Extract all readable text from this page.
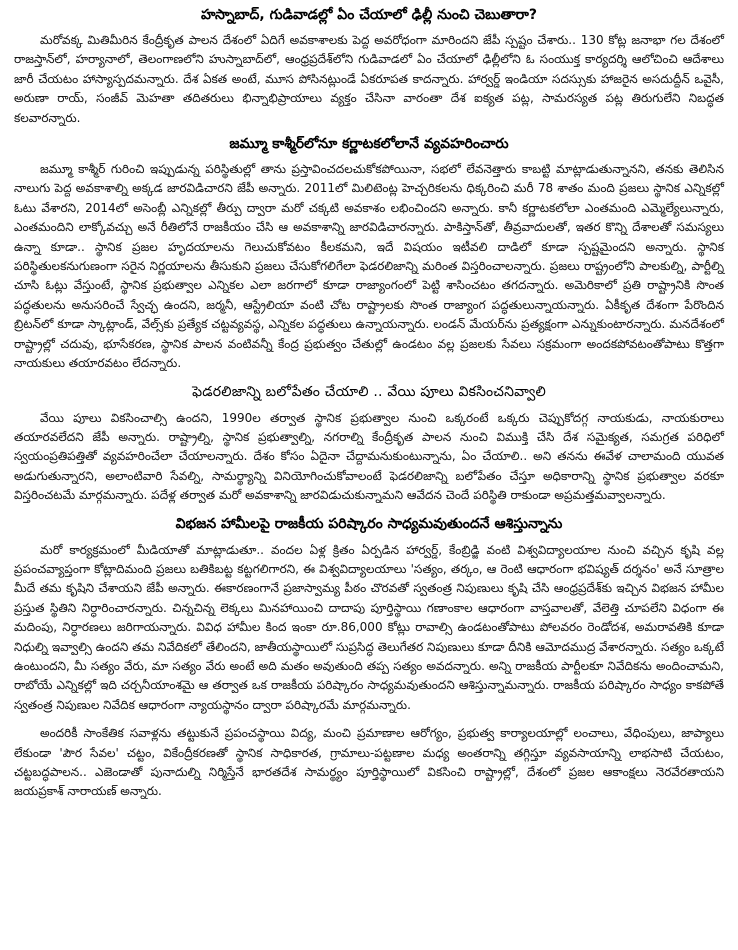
హస్నాబాద్, గుడివాడల్లో ఏం చేయాలో ఢిల్లీ నుంచి చెబుతారా?

మరోవక్క మితిమీరిన కేంద్రీకృత పాలన దేశంలో ఏదిగే అవకాశాలకు పెద్ద అవరోధంగా మారిందని జేపీ స్పష్టం చేశారు.. 130 కోట్ల జనాభా గల దేశంలో రాజస్తాన్‌లో, హర్యానాలో, తెలంగాణలోని హుస్నాబాద్‌లో, ఆంధ్రప్రదేశ్‌లోని గుడివాడలో ఏం చేయాలో ఢిల్లీలోని ఓ సంయుక్త కార్యదర్శి ఆలోచించి ఆదేశాలు జారీ చేయటం హాస్యాస్పదమన్నారు. దేశ ఏకత అంటే, మూస పోసినట్లుండే ఏకరూపత కాదన్నారు. హార్వర్డ్ ఇండియా సదస్సుకు హాజరైన అసదుద్దీన్ ఒవైసీ, అరుణా రాయ్, సంజీవ్ మెహతా తదితరులు భిన్నాభిప్రాయాలు వ్యక్తం చేసినా వారంతా దేశ ఐక్యత పట్ల, సామరస్యత పట్ల తిరుగులేని నిబద్ధత కలవారన్నారు.

జమ్మూ కాశ్మీర్‌లోనూ కర్ణాటకలోలానే వ్యవహరించారు

జమ్మూ కాశ్మీర్ గురించి ఇప్పుడున్న పరిస్థితుల్లో తాను ప్రస్తావించదలచుకోకపోయినా, సభలో లేవనెత్తారు కాబట్టి మాట్లాడుతున్నానని, తనకు తెలిసిన నాలుగు పెద్ద అవకాశాల్ని అక్కడ జారవిడిచారని జేపీ అన్నారు. 2011లో మిలిటెంట్ల హెచ్చరికలను ధిక్కరించి మరీ 78 శాతం మంది ప్రజలు స్థానిక ఎన్నికల్లో ఓటు వేశారని, 2014లో అసెంబ్లీ ఎన్నికల్లో తీర్పు ద్వారా మరో చక్కటి అవకాశం లభించిందని అన్నారు. కానీ కర్ణాటకలోలా ఎంతమంది ఎమ్మెల్యేలున్నారు, ఎంతమందిని లాక్కోవచ్చు అనే రీతిలోనే రాజకీయం చేసి ఆ అవకాశాన్ని జారవిడిచారన్నారు. పాకిస్తాన్‌తో, తీవ్రవాదులతో, ఇతర కొన్ని దేశాలతో సమస్యలు ఉన్నా కూడా.. స్థానిక ప్రజల హృదయాలను గెలుచుకోవటం కీలకమని, ఇదే విషయం ఇటీవలి దాడిలో కూడా స్పష్టమైందని అన్నారు. స్థానిక పరిస్థితులకనుగుణంగా సరైన నిర్ణయాలను తీసుకుని ప్రజలు చేసుకోగలిగేలా ఫెడరలిజాన్ని మరింత విస్తరించాలన్నారు. ప్రజలు రాష్ట్రంలోని పాలకుల్ని, పార్టీల్ని చూసి ఓట్లు వేస్తుంటే, స్థానిక ప్రభుత్వాల ఎన్నికల ఎలా జరగాలో కూడా రాజ్యాంగంలో పెట్టి శాసించటం తగదన్నారు. అమెరికాలో ప్రతి రాష్ట్రానికి సొంత పద్ధతులను అనుసరించే స్వేచ్ఛ ఉందని, జర్మనీ, ఆస్ట్రేలియా వంటి చోట రాష్ట్రాలకు సొంత రాజ్యాంగ పద్ధతులున్నాయన్నారు. ఏకీకృత దేశంగా పేరొందిన బ్రిటన్‌లో కూడా స్కాట్లాండ్, వేల్స్‌కు ప్రత్యేక చట్టవ్యవస్థ, ఎన్నికల పద్ధతులు ఉన్నాయన్నారు. లండన్ మేయర్‌ను ప్రత్యక్షంగా ఎన్నుకుంటారన్నారు. మనదేశంలో రాష్ట్రాల్లో చదువు, భూసేకరణ, స్థానిక పాలన వంటివన్నీ కేంద్ర ప్రభుత్వం చేతుల్లో ఉండటం వల్ల ప్రజలకు సేవలు సక్రమంగా అందకపోవటంతోపాటు కొత్తగా నాయకులు తయారవటం లేదన్నారు.

ఫెడరలిజాన్ని బలోపేతం చేయాలి .. వేయి పూలు వికసించనివ్వాలి

వేయి పూలు వికసించాల్సి ఉందని, 1990ల తర్వాత స్థానిక ప్రభుత్వాల నుంచి ఒక్కరంటే ఒక్కరు చెప్పుకోదగ్గ నాయకుడు, నాయకురాలు తయారవలేదని జేపీ అన్నారు. రాష్ట్రాల్ని, స్థానిక ప్రభుత్వాల్ని, నగరాల్ని కేంద్రీకృత పాలన నుంచి విముక్తి చేసి దేశ సమైక్యత, సమగ్రత పరిధిలో స్వయంప్రతిపత్తితో వ్యవహరించేలా చేయాలన్నారు. దేశం కోసం ఏదైనా చేద్దామనుకుంటున్నాను, ఏం చేయాలి.. అని తనను ఈవేళ చాలామంది యువత అడుగుతున్నారని, అలాంటివారి సేవల్ని, సామర్థ్యాన్ని వినియోగించుకోవాలంటే ఫెడరలిజాన్ని బలోపేతం చేస్తూ అధికారాన్ని స్థానిక ప్రభుత్వాల వరకూ విస్తరించటమే మార్గమన్నారు. పదేళ్ల తర్వాత మరో అవకాశాన్ని జారవిడుచుకున్నామని ఆవేదన చెందే పరిస్థితి రాకుండా అప్రమత్తమవ్వాలన్నారు.

విభజన హామీలపై రాజకీయ పరిష్కారం సాధ్యమవుతుందనే ఆశిస్తున్నాను

మరో కార్యక్రమంలో మీడియాతో మాట్లాడుతూ.. వందల ఏళ్ల క్రితం ఏర్పడిన హార్వర్డ్, కేంబ్రిడ్జి వంటి విశ్వవిద్యాలయాల నుంచి వచ్చిన కృషి వల్ల ప్రపంచవ్యాప్తంగా కోట్లాదిమంది ప్రజలు బతికిబట్ట కట్టగలిగారని, ఈ విశ్వవిద్యాలయాలు 'సత్యం, తర్కం, ఆ రెంటి ఆధారంగా భవిష్యత్ దర్శనం' అనే సూత్రాల మీదే తమ కృషిని చేశాయని జేపీ అన్నారు. ఈకారణంగానే ప్రజాస్వామ్య పీఠం చొరవతో స్వతంత్ర నిపుణులు కృషి చేసి ఆంధ్రప్రదేశ్‌కు ఇచ్చిన విభజన హామీల ప్రస్తుత స్థితిని నిర్ధారించారన్నారు. చిన్నచిన్న లెక్కలు మినహాయించి దాదాపు పూర్తిస్థాయి గణాంకాల ఆధారంగా వాస్తవాలతో, వేలెత్తి చూపలేని విధంగా ఈ మదింపు, నిర్ధారణలు జరిగాయన్నారు. వివిధ హామీల కింద ఇంకా రూ.86,000 కోట్లు రావాల్సి ఉండటంతోపాటు పోలవరం రెండోదశ, అమరావతికి కూడా నిధుల్ని ఇవ్వాల్సి ఉందని తమ నివేదికలో తేలిందని, జాతీయస్థాయిలో సుప్రసిద్ధ తెలుగేతర నిపుణులు కూడా దీనికి ఆమోదముద్ర వేశారన్నారు. సత్యం ఒక్కటే ఉంటుందని, మీ సత్యం వేరు, మా సత్యం వేరు అంటే అది మతం అవుతుంది తప్ప సత్యం అవదన్నారు. అన్ని రాజకీయ పార్టీలకూ నివేదికను అందించామని, రాబోయే ఎన్నికల్లో ఇది చర్చనీయాంశమై ఆ తర్వాత ఒక రాజకీయ పరిష్కారం సాధ్యమవుతుందని ఆశిస్తున్నామన్నారు. రాజకీయ పరిష్కారం సాధ్యం కాకపోతే స్వతంత్ర నిపుణుల నివేదిక ఆధారంగా న్యాయస్థానం ద్వారా పరిష్కారమే మార్గమన్నారు.

అందరికీ సాంకేతిక సవాళ్లను తట్టుకునే ప్రపంచస్థాయి విద్య, మంచి ప్రమాణాల ఆరోగ్యం, ప్రభుత్వ కార్యాలయాల్లో లంచాలు, వేధింపులు, జాప్యాలు లేకుండా 'పౌర సేవల' చట్టం, వికేంద్రీకరణతో స్థానిక సాధికారత, గ్రామాలు-పట్టణాల మధ్య అంతరాన్ని తగ్గిస్తూ వ్యవసాయాన్ని లాభసాటి చేయటం, చట్టబద్ధపాలన.. ఎజెండాతో పునాదుల్ని నిర్మిస్తేనే భారతదేశ సామర్థ్యం పూర్తిస్థాయిలో వికసించి రాష్ట్రాల్లో, దేశంలో ప్రజల ఆకాంక్షలు నెరవేరతాయని జయప్రకాశ్ నారాయణ్ అన్నారు.
